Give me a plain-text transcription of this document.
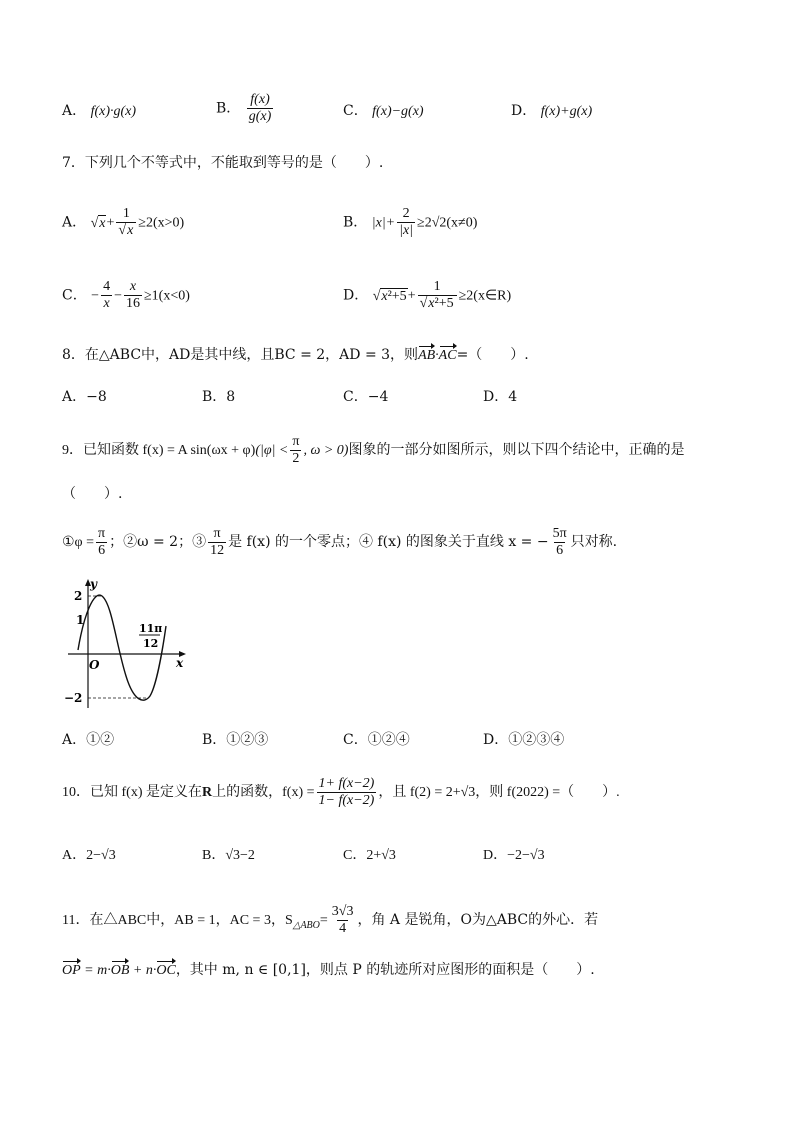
A． f(x)·g(x)	B． $\frac{f(x)}{g(x)}$	C． f(x)−g(x)	D． f(x)+g(x)
7．下列几个不等式中，不能取到等号的是（　　）.
A． $√x+ \frac{1}{√x} \ge 2(x>0)$	B． $|x|+ \frac{2}{|x|} \ge 2√2(x\ne 0)$
C． − $\frac{4}{x} - \frac{x}{16} \ge 1(x<0)$	D． $√x^2+5+ \frac{1}{\text{√x²+5}}$ ≥2(x∈R)
8．在△ABC中，AD是其中线，且BC = 2，AD = 3，则AB·AC=（　　）.
A．−8	B．8	C．−4	D．4
9．已知函数 f(x) = A $\sin(\omega x + \varphi)(|\varphi| < \frac{\pi}{2}$ , ω > 0)图象的一部分如图所示，则以下四个结论中，正确的是
（　　）.
①φ = $\frac{\pi}{6}$ ；②ω = 2；③ $\frac{\pi}{12}$ 是 f(x) 的一个零点；④ f(x) 的图象关于直线 x = − $\frac{5\pi}{6}$ 只对称.
y
x
O
2
1
−2
11π
12
A．①②	B．①②③	C．①②④	D．①②③④
10．已知 f(x) 是定义在R上的函数，$f(x) = \frac{1+ f(x-2)}{1- f(x-2)}$ ，且 f(2) = 2+√3，则 f(2022) =（　　）.
A．2−√3	B．√3−2	C．2+√3	D．−2−√3
11．在△ABC中，AB = 1，AC = 3，$S_{\triangle ABO}= \frac{3√3}{4}$ ，角 A 是锐角，O为△ABC的外心．若
OP = m·OB + n·OC，其中 m, n ∈ [0,1]，则点 P 的轨迹所对应图形的面积是（　　）.
